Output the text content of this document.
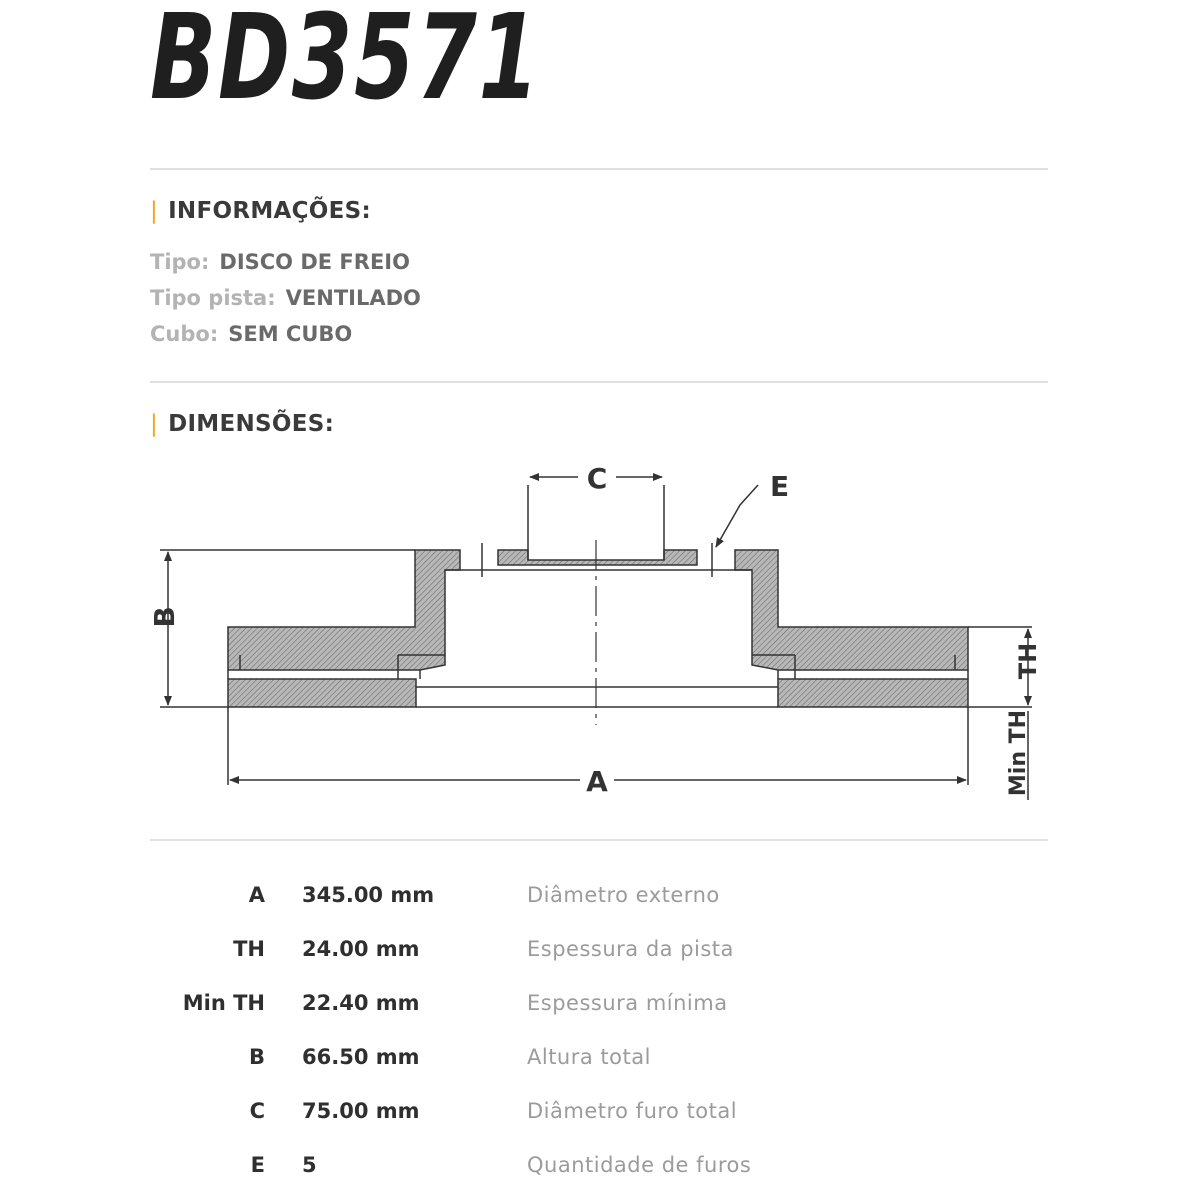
BD3571
| INFORMAÇÕES:
Tipo: DISCO DE FREIO
Tipo pista: VENTILADO
Cubo: SEM CUBO
| DIMENSÕES:
C	E
B
A
TH
Min TH
A 345.00 mm	Diâmetro externo
TH 24.00 mm	Espessura da pista
Min TH 22.40 mm	Espessura mínima
B 66.50 mm	Altura total
C 75.00 mm	Diâmetro furo total
E 5	Quantidade de furos
